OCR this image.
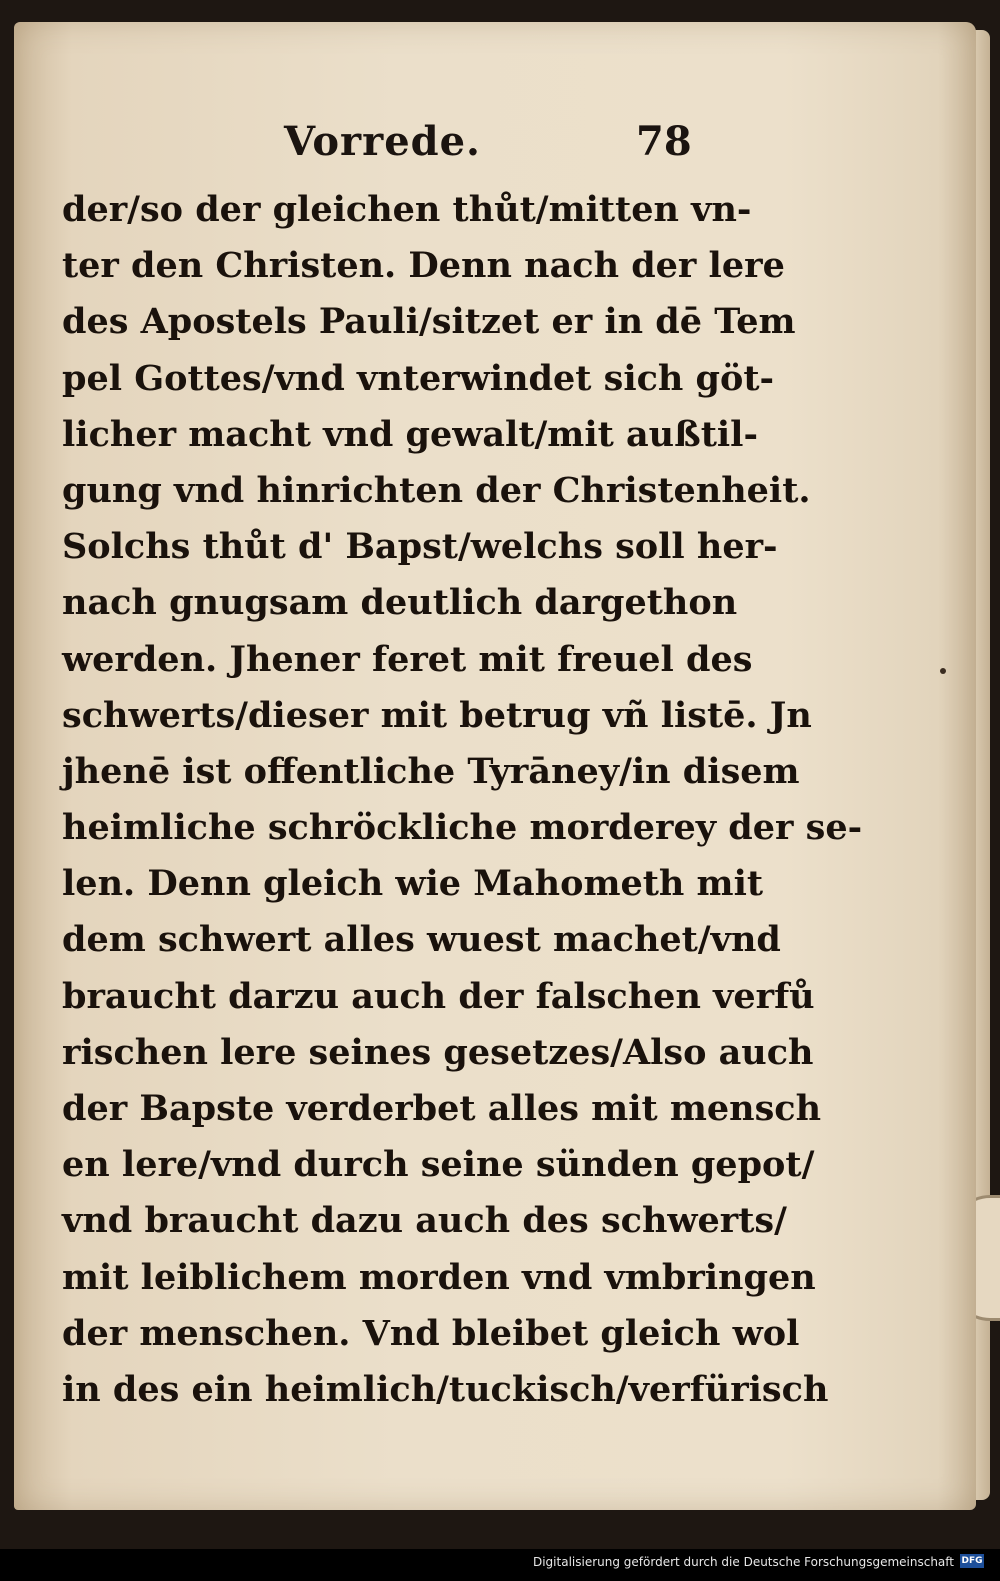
Vorrede.	78
der/so der gleichen thůt/mitten vn-
ter den Christen. Denn nach der lere
des Apostels Pauli/sitzet er in dē Tem
pel Gottes/vnd vnterwindet sich göt-
licher macht vnd gewalt/mit außtil-
gung vnd hinrichten der Christenheit.
Solchs thůt d' Bapst/welchs soll her-
nach gnugsam deutlich dargethon
werden. Jhener feret mit freuel des
schwerts/dieser mit betrug vñ listē. Jn
jhenē ist offentliche Tyrāney/in disem
heimliche schröckliche morderey der se-
len. Denn gleich wie Mahometh mit
dem schwert alles wuest machet/vnd
braucht darzu auch der falschen verfů
rischen lere seines gesetzes/Also auch
der Bapste verderbet alles mit mensch
en lere/vnd durch seine sünden gepot/
vnd braucht dazu auch des schwerts/
mit leiblichem morden vnd vmbringen
der menschen. Vnd bleibet gleich wol
in des ein heimlich/tuckisch/verfürisch
Digitalisierung gefördert durch die Deutsche Forschungsgemeinschaft DFG
